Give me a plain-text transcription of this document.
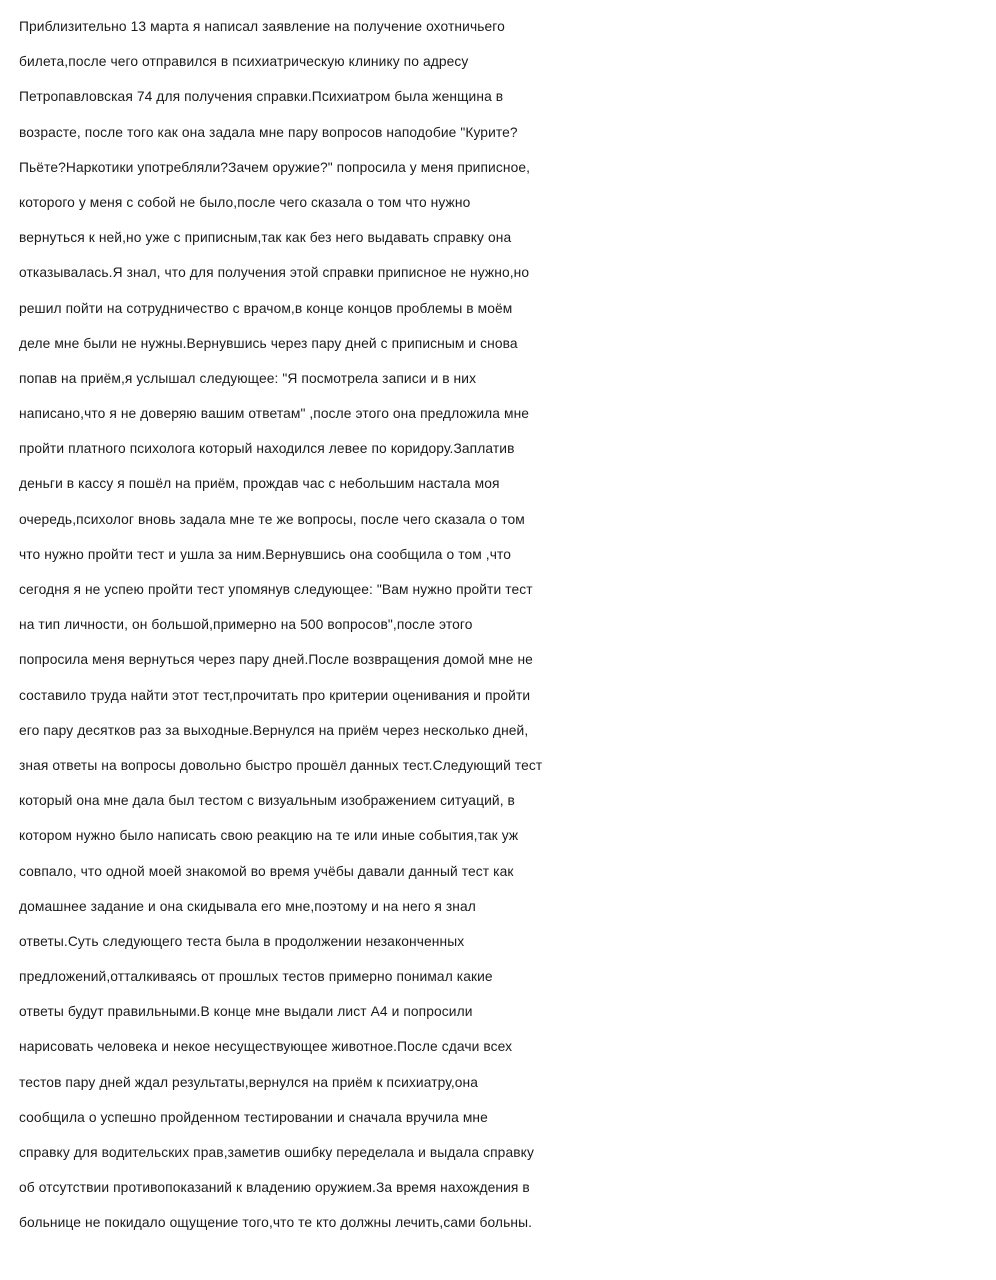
Приблизительно 13 марта я написал заявление на получение охотничьего
билета,после чего отправился в психиатрическую клинику по адресу
Петропавловская 74 для получения справки.Психиатром была женщина в
возрасте, после того как она задала мне пару вопросов наподобие "Курите?
Пьёте?Наркотики употребляли?Зачем оружие?" попросила у меня приписное,
которого у меня с собой не было,после чего сказала о том что нужно
вернуться к ней,но уже с приписным,так как без него выдавать справку она
отказывалась.Я знал, что для получения этой справки приписное не нужно,но
решил пойти на сотрудничество с врачом,в конце концов проблемы в моём
деле мне были не нужны.Вернувшись через пару дней с приписным и снова
попав на приём,я услышал следующее: "Я посмотрела записи и в них
написано,что я не доверяю вашим ответам" ,после этого она предложила мне
пройти платного психолога который находился левее по коридору.Заплатив
деньги в кассу я пошёл на приём, прождав час с небольшим настала моя
очередь,психолог вновь задала мне те же вопросы, после чего сказала о том
что нужно пройти тест и ушла за ним.Вернувшись она сообщила о том ,что
сегодня я не успею пройти тест упомянув следующее: "Вам нужно пройти тест
на тип личности, он большой,примерно на 500 вопросов",после этого
попросила меня вернуться через пару дней.После возвращения домой мне не
составило труда найти этот тест,прочитать про критерии оценивания и пройти
его пару десятков раз за выходные.Вернулся на приём через несколько дней,
зная ответы на вопросы довольно быстро прошёл данных тест.Следующий тест
который она мне дала был тестом с визуальным изображением ситуаций, в
котором нужно было написать свою реакцию на те или иные события,так уж
совпало, что одной моей знакомой во время учёбы давали данный тест как
домашнее задание и она скидывала его мне,поэтому и на него я знал
ответы.Суть следующего теста была в продолжении незаконченных
предложений,отталкиваясь от прошлых тестов примерно понимал какие
ответы будут правильными.В конце мне выдали лист А4 и попросили
нарисовать человека и некое несуществующее животное.После сдачи всех
тестов пару дней ждал результаты,вернулся на приём к психиатру,она
сообщила о успешно пройденном тестировании и сначала вручила мне
справку для водительских прав,заметив ошибку переделала и выдала справку
об отсутствии противопоказаний к владению оружием.За время нахождения в
больнице не покидало ощущение того,что те кто должны лечить,сами больны.
